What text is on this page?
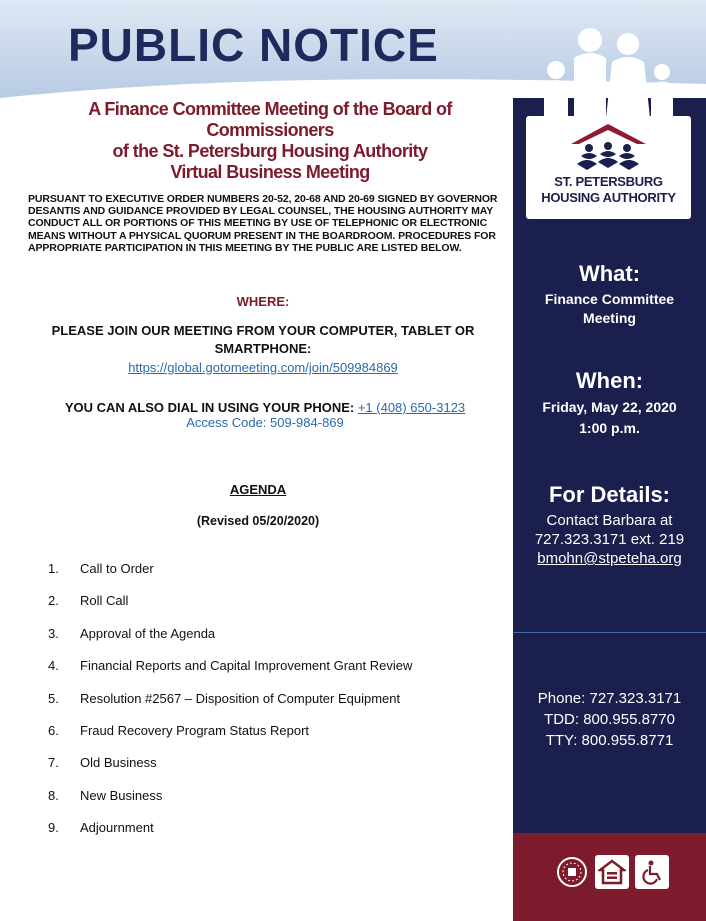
PUBLIC NOTICE
ST. PETERSBURG
HOUSING AUTHORITY
What:
Finance Committee
Meeting
When:
Friday, May 22, 2020
1:00 p.m.
For Details:
Contact Barbara at
727.323.3171 ext. 219
bmohn@stpeteha.org
Phone: 727.323.3171
TDD: 800.955.8770
TTY: 800.955.8771
A Finance Committee Meeting of the Board of
Commissioners
of the St. Petersburg Housing Authority
Virtual Business Meeting
PURSUANT TO EXECUTIVE ORDER NUMBERS 20-52, 20-68 AND 20-69 SIGNED BY GOVERNOR DESANTIS AND GUIDANCE PROVIDED BY LEGAL COUNSEL, THE HOUSING AUTHORITY MAY CONDUCT ALL OR PORTIONS OF THIS MEETING BY USE OF TELEPHONIC OR ELECTRONIC MEANS WITHOUT A PHYSICAL QUORUM PRESENT IN THE BOARDROOM. PROCEDURES FOR APPROPRIATE PARTICIPATION IN THIS MEETING BY THE PUBLIC ARE LISTED BELOW.
WHERE:
PLEASE JOIN OUR MEETING FROM YOUR COMPUTER, TABLET OR
SMARTPHONE:
https://global.gotomeeting.com/join/509984869
YOU CAN ALSO DIAL IN USING YOUR PHONE: +1 (408) 650-3123
Access Code: 509-984-869
AGENDA
(Revised 05/20/2020)
1.	Call to Order
2.	Roll Call
3.	Approval of the Agenda
4.	Financial Reports and Capital Improvement Grant Review
5.	Resolution #2567 – Disposition of Computer Equipment
6.	Fraud Recovery Program Status Report
7.	Old Business
8.	New Business
9.	Adjournment
